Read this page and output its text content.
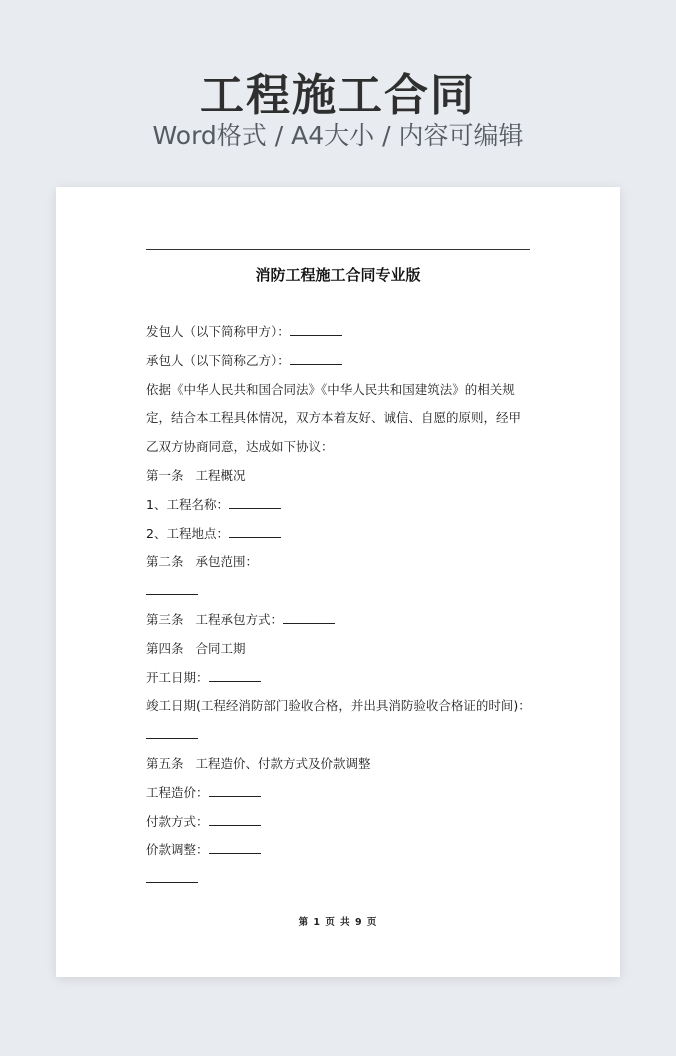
工程施工合同
Word格式 / A4大小 / 内容可编辑
消防工程施工合同专业版
发包人（以下简称甲方）：
承包人（以下简称乙方）：
依据《中华人民共和国合同法》《中华人民共和国建筑法》的相关规
定，结合本工程具体情况，双方本着友好、诚信、自愿的原则，经甲
乙双方协商同意，达成如下协议：
第一条 工程概况
1、工程名称：
2、工程地点：
第二条 承包范围：
第三条 工程承包方式：
第四条 合同工期
开工日期：
竣工日期(工程经消防部门验收合格，并出具消防验收合格证的时间)：
第五条 工程造价、付款方式及价款调整
工程造价：
付款方式：
价款调整：
第 1 页 共 9 页
